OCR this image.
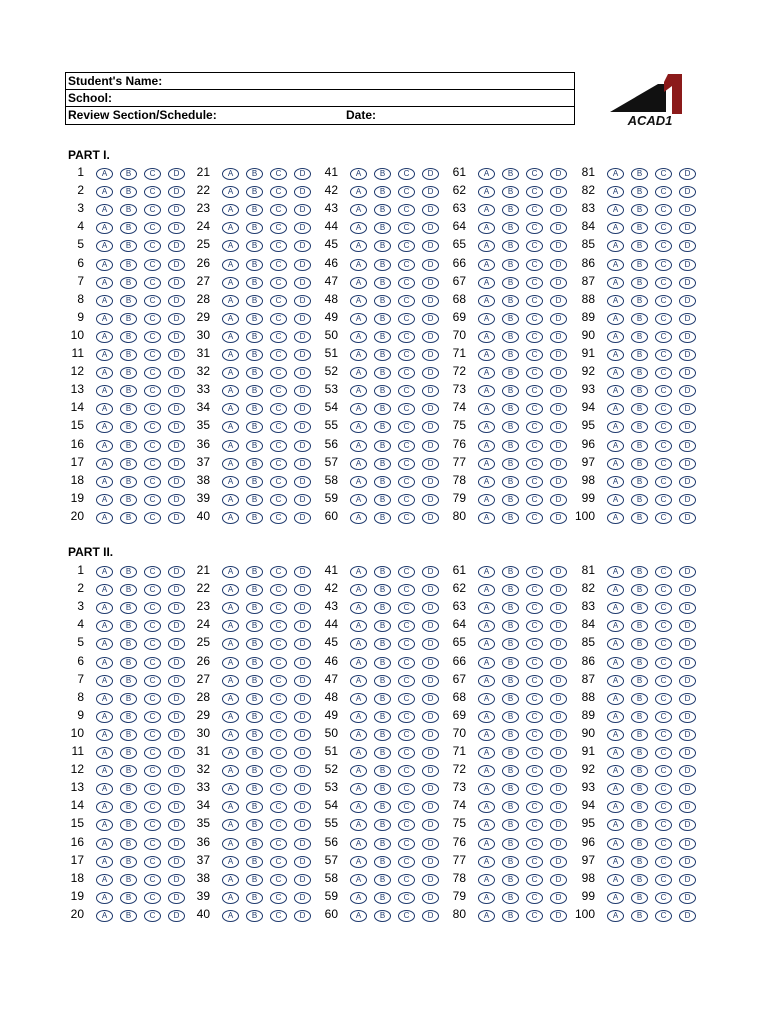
Student's Name:
School:
Review Section/Schedule:	Date:	ACAD1
PART I.
1	A	B	C	D
2	A	B	C	D
3	A	B	C	D
4	A	B	C	D
5	A	B	C	D
6	A	B	C	D
7	A	B	C	D
8	A	B	C	D
9	A	B	C	D
10	A	B	C	D
11	A	B	C	D
12	A	B	C	D
13	A	B	C	D
14	A	B	C	D
15	A	B	C	D
16	A	B	C	D
17	A	B	C	D
18	A	B	C	D
19	A	B	C	D
20	A	B	C	D
21	A	B	C	D
22	A	B	C	D
23	A	B	C	D
24	A	B	C	D
25	A	B	C	D
26	A	B	C	D
27	A	B	C	D
28	A	B	C	D
29	A	B	C	D
30	A	B	C	D
31	A	B	C	D
32	A	B	C	D
33	A	B	C	D
34	A	B	C	D
35	A	B	C	D
36	A	B	C	D
37	A	B	C	D
38	A	B	C	D
39	A	B	C	D
40	A	B	C	D
41	A	B	C	D
42	A	B	C	D
43	A	B	C	D
44	A	B	C	D
45	A	B	C	D
46	A	B	C	D
47	A	B	C	D
48	A	B	C	D
49	A	B	C	D
50	A	B	C	D
51	A	B	C	D
52	A	B	C	D
53	A	B	C	D
54	A	B	C	D
55	A	B	C	D
56	A	B	C	D
57	A	B	C	D
58	A	B	C	D
59	A	B	C	D
60	A	B	C	D
61	A	B	C	D
62	A	B	C	D
63	A	B	C	D
64	A	B	C	D
65	A	B	C	D
66	A	B	C	D
67	A	B	C	D
68	A	B	C	D
69	A	B	C	D
70	A	B	C	D
71	A	B	C	D
72	A	B	C	D
73	A	B	C	D
74	A	B	C	D
75	A	B	C	D
76	A	B	C	D
77	A	B	C	D
78	A	B	C	D
79	A	B	C	D
80	A	B	C	D
81	A	B	C	D
82	A	B	C	D
83	A	B	C	D
84	A	B	C	D
85	A	B	C	D
86	A	B	C	D
87	A	B	C	D
88	A	B	C	D
89	A	B	C	D
90	A	B	C	D
91	A	B	C	D
92	A	B	C	D
93	A	B	C	D
94	A	B	C	D
95	A	B	C	D
96	A	B	C	D
97	A	B	C	D
98	A	B	C	D
99	A	B	C	D
100	A	B	C	D
PART II.
1	A	B	C	D
2	A	B	C	D
3	A	B	C	D
4	A	B	C	D
5	A	B	C	D
6	A	B	C	D
7	A	B	C	D
8	A	B	C	D
9	A	B	C	D
10	A	B	C	D
11	A	B	C	D
12	A	B	C	D
13	A	B	C	D
14	A	B	C	D
15	A	B	C	D
16	A	B	C	D
17	A	B	C	D
18	A	B	C	D
19	A	B	C	D
20	A	B	C	D
21	A	B	C	D
22	A	B	C	D
23	A	B	C	D
24	A	B	C	D
25	A	B	C	D
26	A	B	C	D
27	A	B	C	D
28	A	B	C	D
29	A	B	C	D
30	A	B	C	D
31	A	B	C	D
32	A	B	C	D
33	A	B	C	D
34	A	B	C	D
35	A	B	C	D
36	A	B	C	D
37	A	B	C	D
38	A	B	C	D
39	A	B	C	D
40	A	B	C	D
41	A	B	C	D
42	A	B	C	D
43	A	B	C	D
44	A	B	C	D
45	A	B	C	D
46	A	B	C	D
47	A	B	C	D
48	A	B	C	D
49	A	B	C	D
50	A	B	C	D
51	A	B	C	D
52	A	B	C	D
53	A	B	C	D
54	A	B	C	D
55	A	B	C	D
56	A	B	C	D
57	A	B	C	D
58	A	B	C	D
59	A	B	C	D
60	A	B	C	D
61	A	B	C	D
62	A	B	C	D
63	A	B	C	D
64	A	B	C	D
65	A	B	C	D
66	A	B	C	D
67	A	B	C	D
68	A	B	C	D
69	A	B	C	D
70	A	B	C	D
71	A	B	C	D
72	A	B	C	D
73	A	B	C	D
74	A	B	C	D
75	A	B	C	D
76	A	B	C	D
77	A	B	C	D
78	A	B	C	D
79	A	B	C	D
80	A	B	C	D
81	A	B	C	D
82	A	B	C	D
83	A	B	C	D
84	A	B	C	D
85	A	B	C	D
86	A	B	C	D
87	A	B	C	D
88	A	B	C	D
89	A	B	C	D
90	A	B	C	D
91	A	B	C	D
92	A	B	C	D
93	A	B	C	D
94	A	B	C	D
95	A	B	C	D
96	A	B	C	D
97	A	B	C	D
98	A	B	C	D
99	A	B	C	D
100	A	B	C	D
